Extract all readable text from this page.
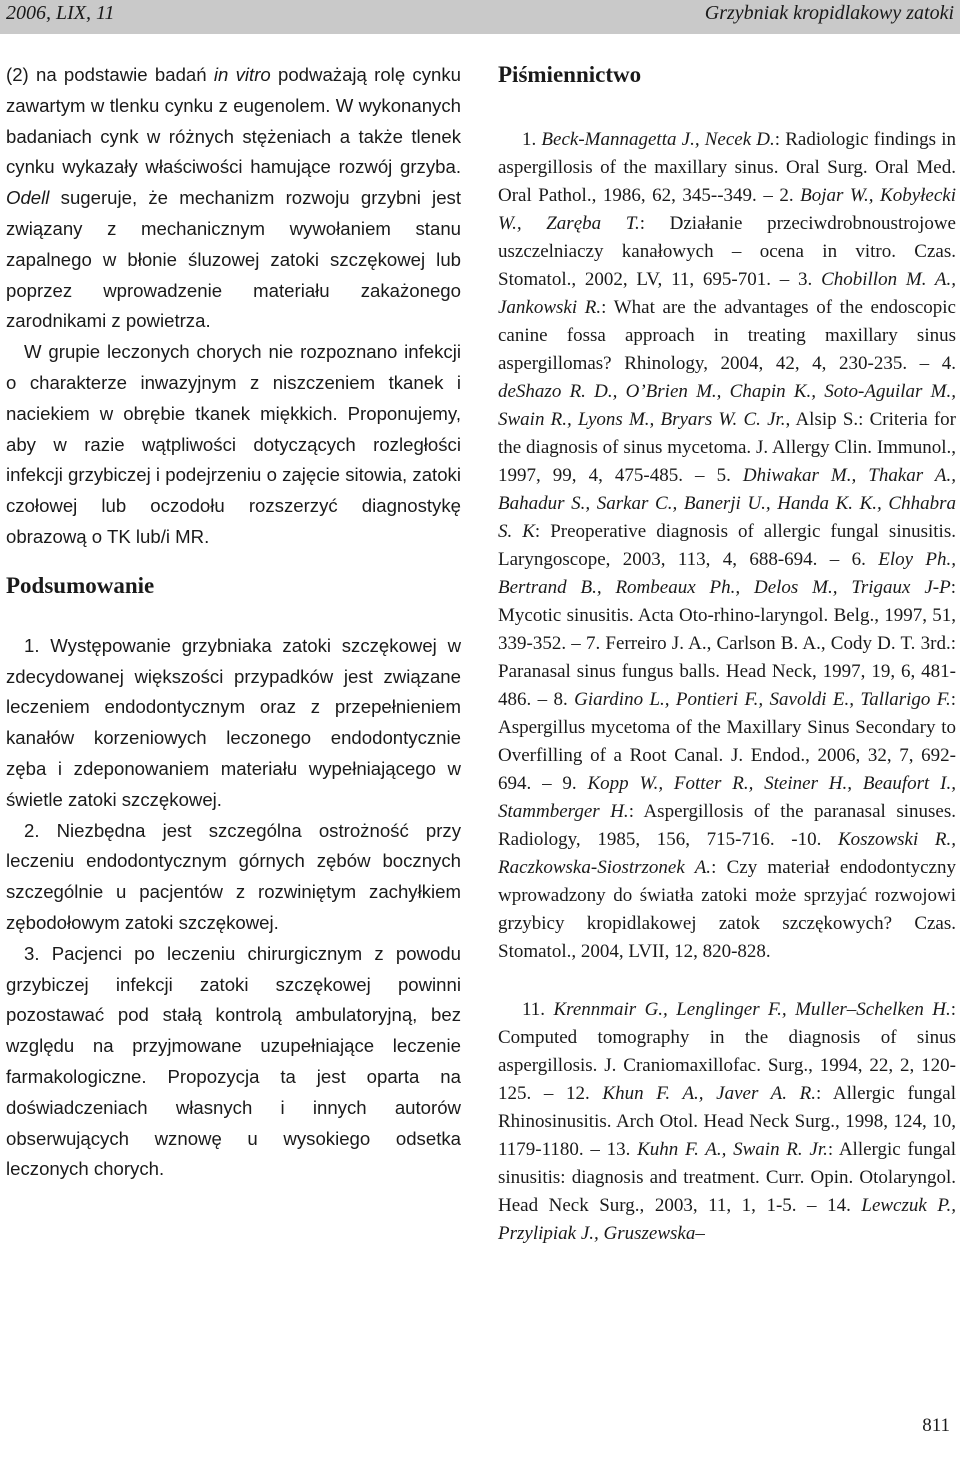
2006, LIX, 11	Grzybniak kropidlakowy zatoki

(2) na podstawie badań in vitro podważają rolę cynku zawartym w tlenku cynku z eugenolem. W wykonanych badaniach cynk w różnych stężeniach a także tlenek cynku wykazały właściwości hamujące rozwój grzyba. Odell sugeruje, że mechanizm rozwoju grzybni jest związany z mechanicznym wywołaniem stanu zapalnego w błonie śluzowej zatoki szczękowej lub poprzez wprowadzenie materiału zakażonego zarodnikami z powietrza.

W grupie leczonych chorych nie rozpoznano infekcji o charakterze inwazyjnym z niszczeniem tkanek i naciekiem w obrębie tkanek miękkich. Proponujemy, aby w razie wątpliwości dotyczących rozległości infekcji grzybiczej i podejrzeniu o zajęcie sitowia, zatoki czołowej lub oczodołu rozszerzyć diagnostykę obrazową o TK lub/i MR.

Podsumowanie

1. Występowanie grzybniaka zatoki szczękowej w zdecydowanej większości przypadków jest związane leczeniem endodontycznym oraz z przepełnieniem kanałów korzeniowych leczonego endodontycznie zęba i zdeponowaniem materiału wypełniającego w świetle zatoki szczękowej.

2. Niezbędna jest szczególna ostrożność przy leczeniu endodontycznym górnych zębów bocznych szczególnie u pacjentów z rozwiniętym zachyłkiem zębodołowym zatoki szczękowej.

3. Pacjenci po leczeniu chirurgicznym z powodu grzybiczej infekcji zatoki szczękowej powinni pozostawać pod stałą kontrolą ambulatoryjną, bez względu na przyjmowane uzupełniające leczenie farmakologiczne. Propozycja ta jest oparta na doświadczeniach własnych i innych autorów obserwujących wznowę u wysokiego odsetka leczonych chorych.

Piśmiennictwo

1. Beck-Mannagetta J., Necek D.: Radiologic findings in aspergillosis of the maxillary sinus. Oral Surg. Oral Med. Oral Pathol., 1986, 62, 345--349. – 2. Bojar W., Kobyłecki W., Zaręba T.: Działanie przeciwdrobnoustrojowe uszczelniaczy kanałowych – ocena in vitro. Czas. Stomatol., 2002, LV, 11, 695-701. – 3. Chobillon M. A., Jankowski R.: What are the advantages of the endoscopic canine fossa approach in treating maxillary sinus aspergillomas? Rhinology, 2004, 42, 4, 230-235. – 4. deShazo R. D., O’Brien M., Chapin K., Soto-Aguilar M., Swain R., Lyons M., Bryars W. C. Jr., Alsip S.: Criteria for the diagnosis of sinus mycetoma. J. Allergy Clin. Immunol., 1997, 99, 4, 475-485. – 5. Dhiwakar M., Thakar A., Bahadur S., Sarkar C., Banerji U., Handa K. K., Chhabra S. K: Preoperative diagnosis of allergic fungal sinusitis. Laryngoscope, 2003, 113, 4, 688-694. – 6. Eloy Ph., Bertrand B., Rombeaux Ph., Delos M., Trigaux J-P: Mycotic sinusitis. Acta Oto-rhino-laryngol. Belg., 1997, 51, 339-352. – 7. Ferreiro J. A., Carlson B. A., Cody D. T. 3rd.: Paranasal sinus fungus balls. Head Neck, 1997, 19, 6, 481-486. – 8. Giardino L., Pontieri F., Savoldi E., Tallarigo F.: Aspergillus mycetoma of the Maxillary Sinus Secondary to Overfilling of a Root Canal. J. Endod., 2006, 32, 7, 692-694. – 9. Kopp W., Fotter R., Steiner H., Beaufort I., Stammberger H.: Aspergillosis of the paranasal sinuses. Radiology, 1985, 156, 715-716. -10. Koszowski R., Raczkowska-Siostrzonek A.: Czy materiał endodontyczny wprowadzony do światła zatoki może sprzyjać rozwojowi grzybicy kropidlakowej zatok szczękowych? Czas. Stomatol., 2004, LVII, 12, 820-828.

11. Krennmair G., Lenglinger F., Muller–Schelken H.: Computed tomography in the diagnosis of sinus aspergillosis. J. Craniomaxillofac. Surg., 1994, 22, 2, 120-125. – 12. Khun F. A., Javer A. R.: Allergic fungal Rhinosinusitis. Arch Otol. Head Neck Surg., 1998, 124, 10, 1179-1180. – 13. Kuhn F. A., Swain R. Jr.: Allergic fungal sinusitis: diagnosis and treatment. Curr. Opin. Otolaryngol. Head Neck Surg., 2003, 11, 1, 1-5. – 14. Lewczuk P., Przylipiak J., Gruszewska–

811
